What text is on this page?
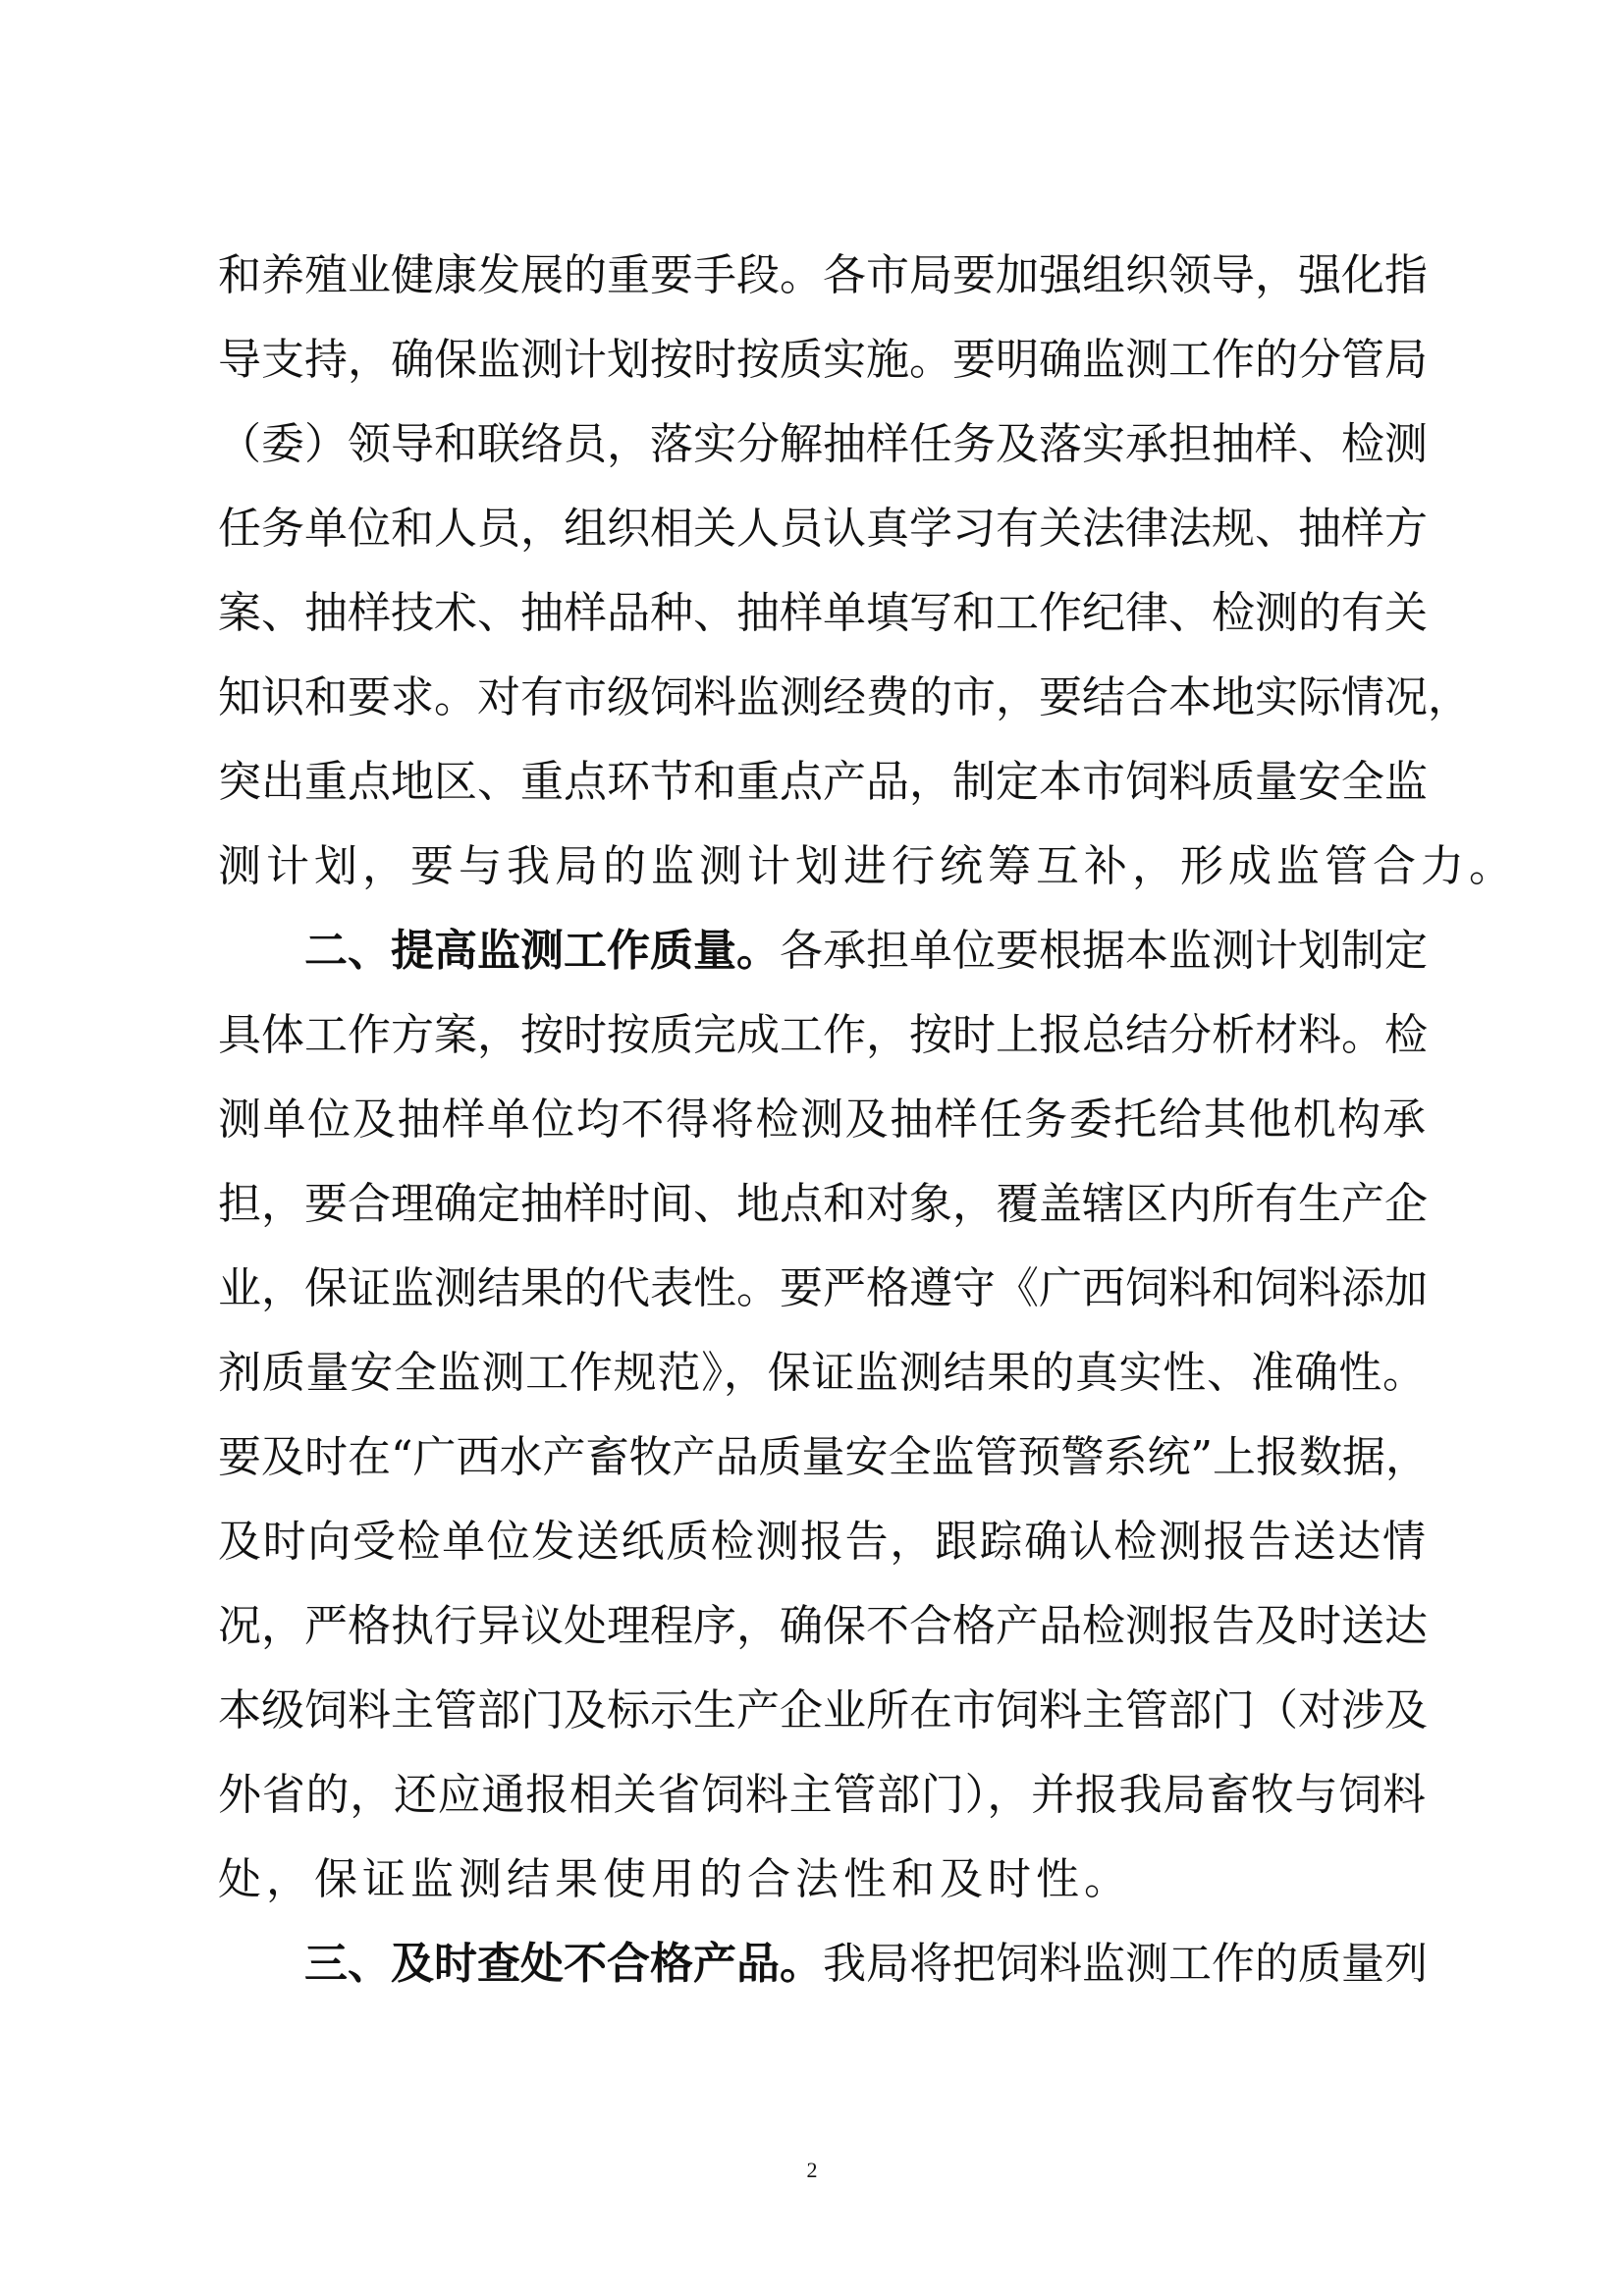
和养殖业健康发展的重要手段。各市局要加强组织领导，强化指
导支持，确保监测计划按时按质实施。要明确监测工作的分管局
（委）领导和联络员，落实分解抽样任务及落实承担抽样、检测
任务单位和人员，组织相关人员认真学习有关法律法规、抽样方
案、抽样技术、抽样品种、抽样单填写和工作纪律、检测的有关
知识和要求。对有市级饲料监测经费的市，要结合本地实际情况，
突出重点地区、重点环节和重点产品，制定本市饲料质量安全监
测计划，要与我局的监测计划进行统筹互补，形成监管合力。
二、提高监测工作质量。各承担单位要根据本监测计划制定
具体工作方案，按时按质完成工作，按时上报总结分析材料。检
测单位及抽样单位均不得将检测及抽样任务委托给其他机构承
担，要合理确定抽样时间、地点和对象，覆盖辖区内所有生产企
业，保证监测结果的代表性。要严格遵守《广西饲料和饲料添加
剂质量安全监测工作规范》，保证监测结果的真实性、准确性。
要及时在“广西水产畜牧产品质量安全监管预警系统”上报数据，
及时向受检单位发送纸质检测报告，跟踪确认检测报告送达情
况，严格执行异议处理程序，确保不合格产品检测报告及时送达
本级饲料主管部门及标示生产企业所在市饲料主管部门（对涉及
外省的，还应通报相关省饲料主管部门），并报我局畜牧与饲料
处，保证监测结果使用的合法性和及时性。
三、及时查处不合格产品。我局将把饲料监测工作的质量列
2
